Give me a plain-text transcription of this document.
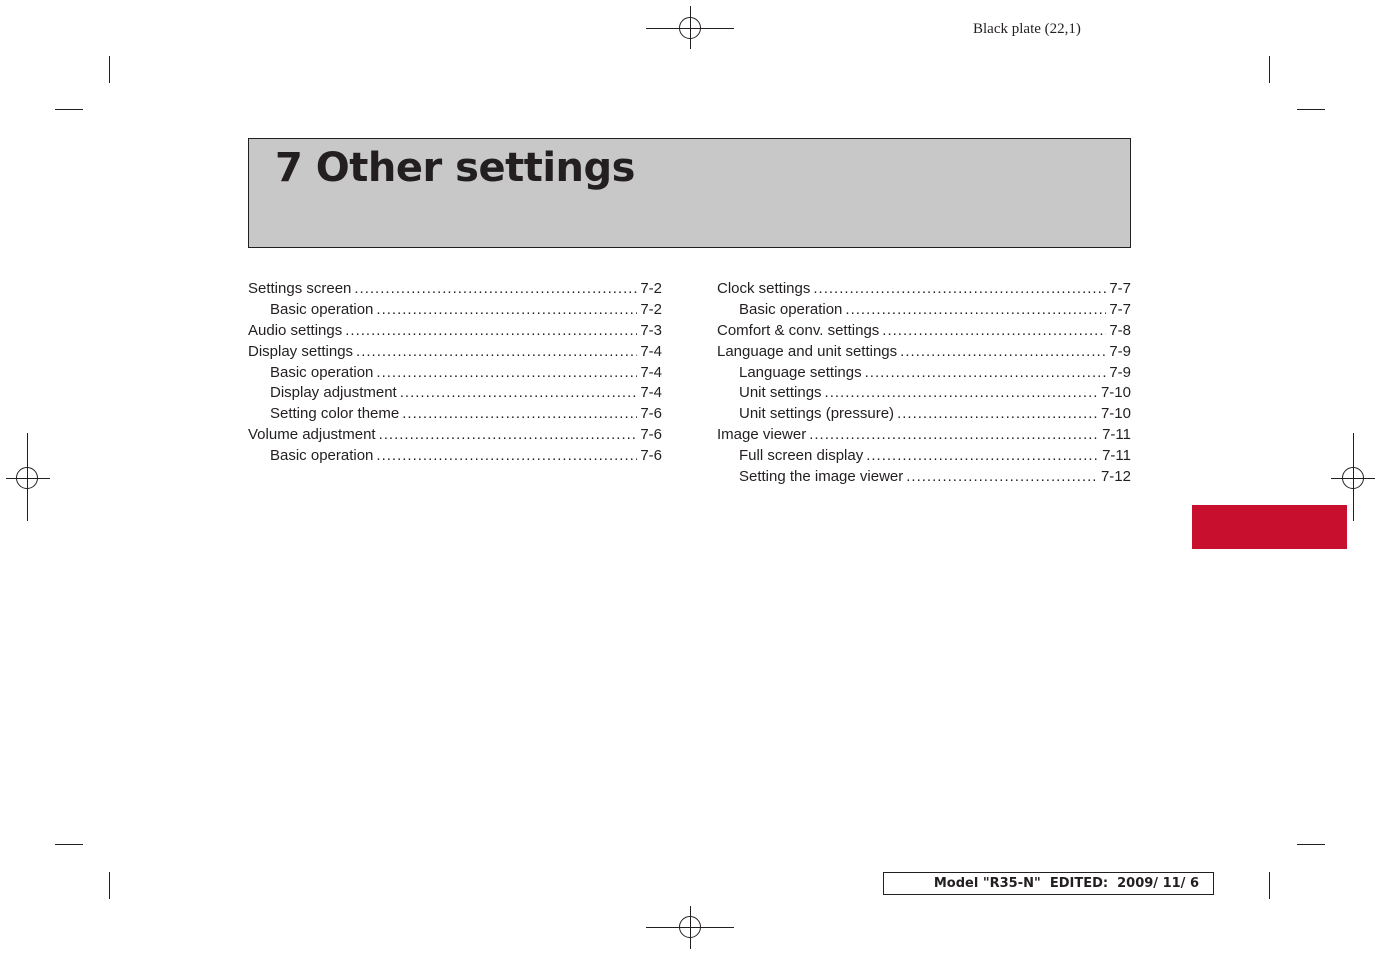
Black plate (22,1)
7 Other settings
Settings screen .....	7-2
Basic operation .....	7-2
Audio settings .....	7-3
Display settings .....	7-4
Basic operation .....	7-4
Display adjustment .....	7-4
Setting color theme .....	7-6
Volume adjustment .....	7-6
Basic operation .....	7-6
Clock settings .....	7-7
Basic operation .....	7-7
Comfort & conv. settings .....	7-8
Language and unit settings .....	7-9
Language settings .....	7-9
Unit settings .....	7-10
Unit settings (pressure) .....	7-10
Image viewer .....	7-11
Full screen display .....	7-11
Setting the image viewer .....	7-12
Model "R35-N"  EDITED:  2009/ 11/ 6
